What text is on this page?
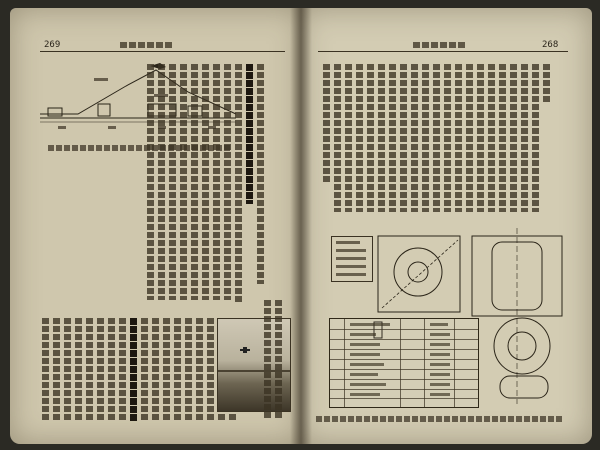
269	268
